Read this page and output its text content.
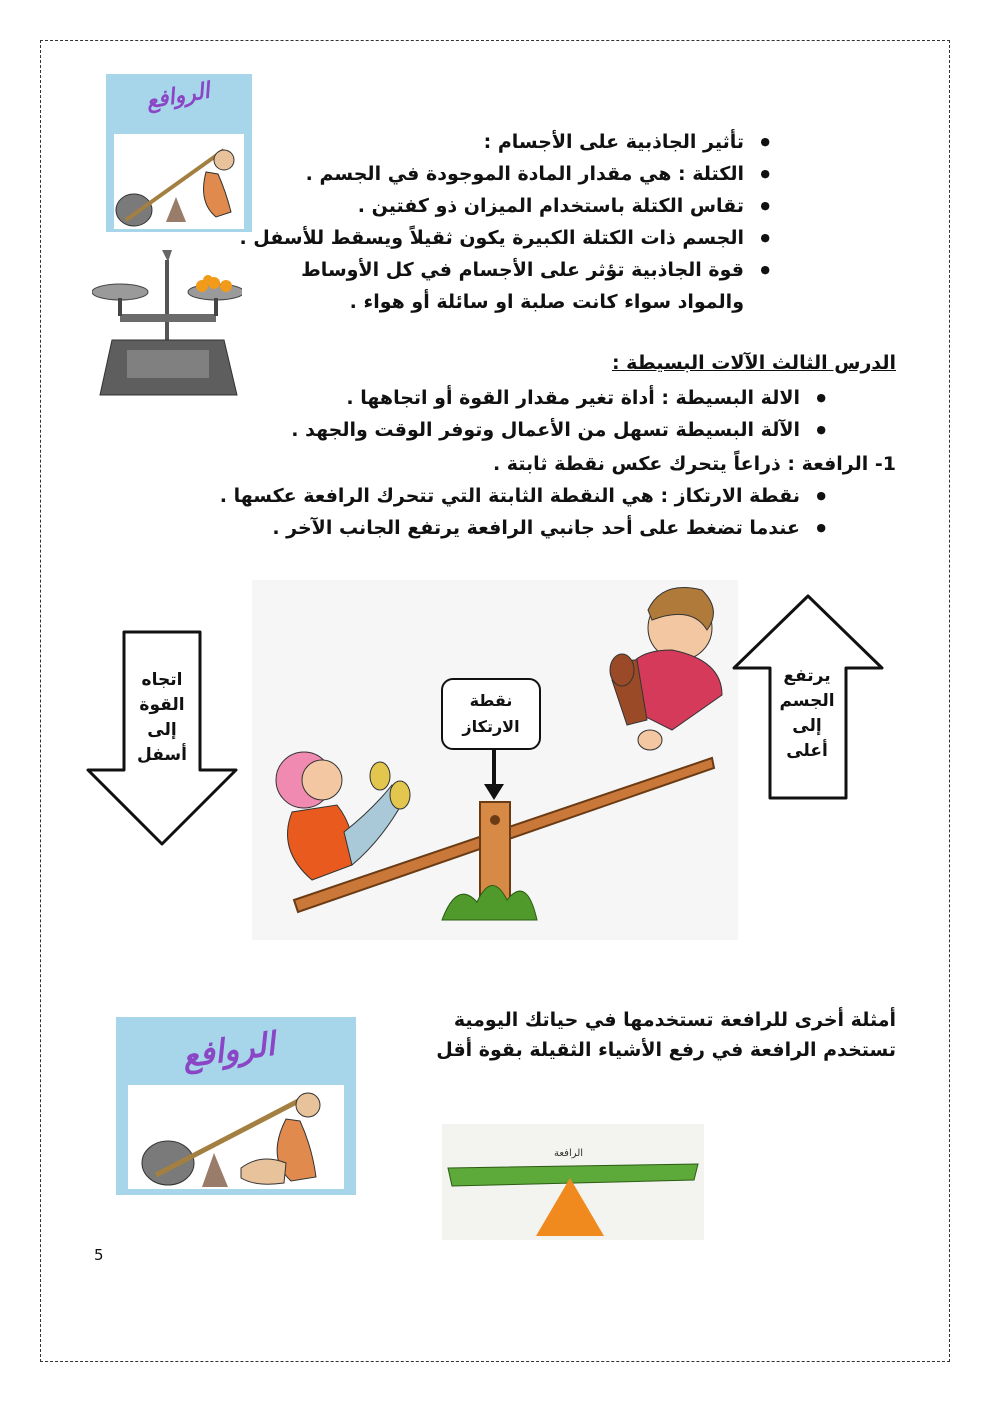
الروافع
● تأثير الجاذبية على الأجسام :
● الكتلة : هي مقدار المادة الموجودة في الجسم .
● تقاس الكتلة باستخدام الميزان ذو كفتين .
● الجسم ذات الكتلة الكبيرة يكون ثقيلاً ويسقط للأسفل .
● قوة الجاذبية تؤثر على الأجسام في كل الأوساط
والمواد سواء كانت صلبة او سائلة أو هواء .
الدرس الثالث الآلات البسيطة :
● الالة البسيطة : أداة تغير مقدار القوة أو اتجاهها .
● الآلة البسيطة تسهل من الأعمال وتوفر الوقت والجهد .
1- الرافعة : ذراعاً يتحرك عكس نقطة ثابتة .
● نقطة الارتكاز : هي النقطة الثابتة التي تتحرك الرافعة عكسها .
● عندما تضغط على أحد جانبي الرافعة يرتفع الجانب الآخر .
اتجاه القوة إلى أسفل
يرتفع الجسم إلى أعلى
نقطة الارتكاز
أمثلة أخرى للرافعة تستخدمها في حياتك اليومية
تستخدم الرافعة في رفع الأشياء الثقيلة بقوة أقل
الروافع
الرافعة
5
